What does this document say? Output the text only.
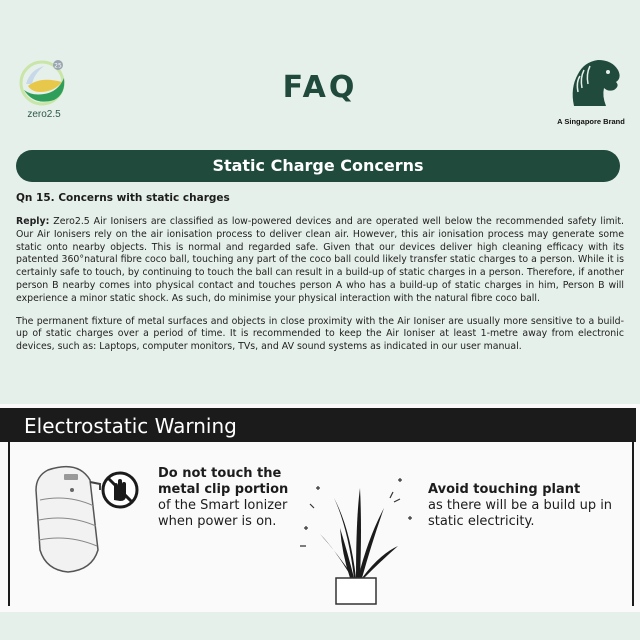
25
zero2.5
FAQ
A Singapore Brand
Static Charge Concerns

Qn 15. Concerns with static charges

Reply: Zero2.5 Air Ionisers are classified as low-powered devices and are operated well below the recommended safety limit. Our Air Ionisers rely on the air ionisation process to deliver clean air. However, this air ionisation process may generate some static onto nearby objects. This is normal and regarded safe. Given that our devices deliver high cleaning efficacy with its patented 360°natural fibre coco ball, touching any part of the coco ball could likely transfer static charges to a person. While it is certainly safe to touch, by continuing to touch the ball can result in a build-up of static charges in a person. Therefore, if another person B nearby comes into physical contact and touches person A who has a build-up of static charges in him, Person B will experience a minor static shock. As such, do minimise your physical interaction with the natural fibre coco ball.

The permanent fixture of metal surfaces and objects in close proximity with the Air Ioniser are usually more sensitive to a build-up of static charges over a period of time. It is recommended to keep the Air Ioniser at least 1-metre away from electronic devices, such as: Laptops, computer monitors, TVs, and AV sound systems as indicated in our user manual.

Electrostatic Warning
Do not touch the metal clip portion
of the Smart Ionizer when power is on.
Avoid touching plant
as there will be a build up in static electricity.
